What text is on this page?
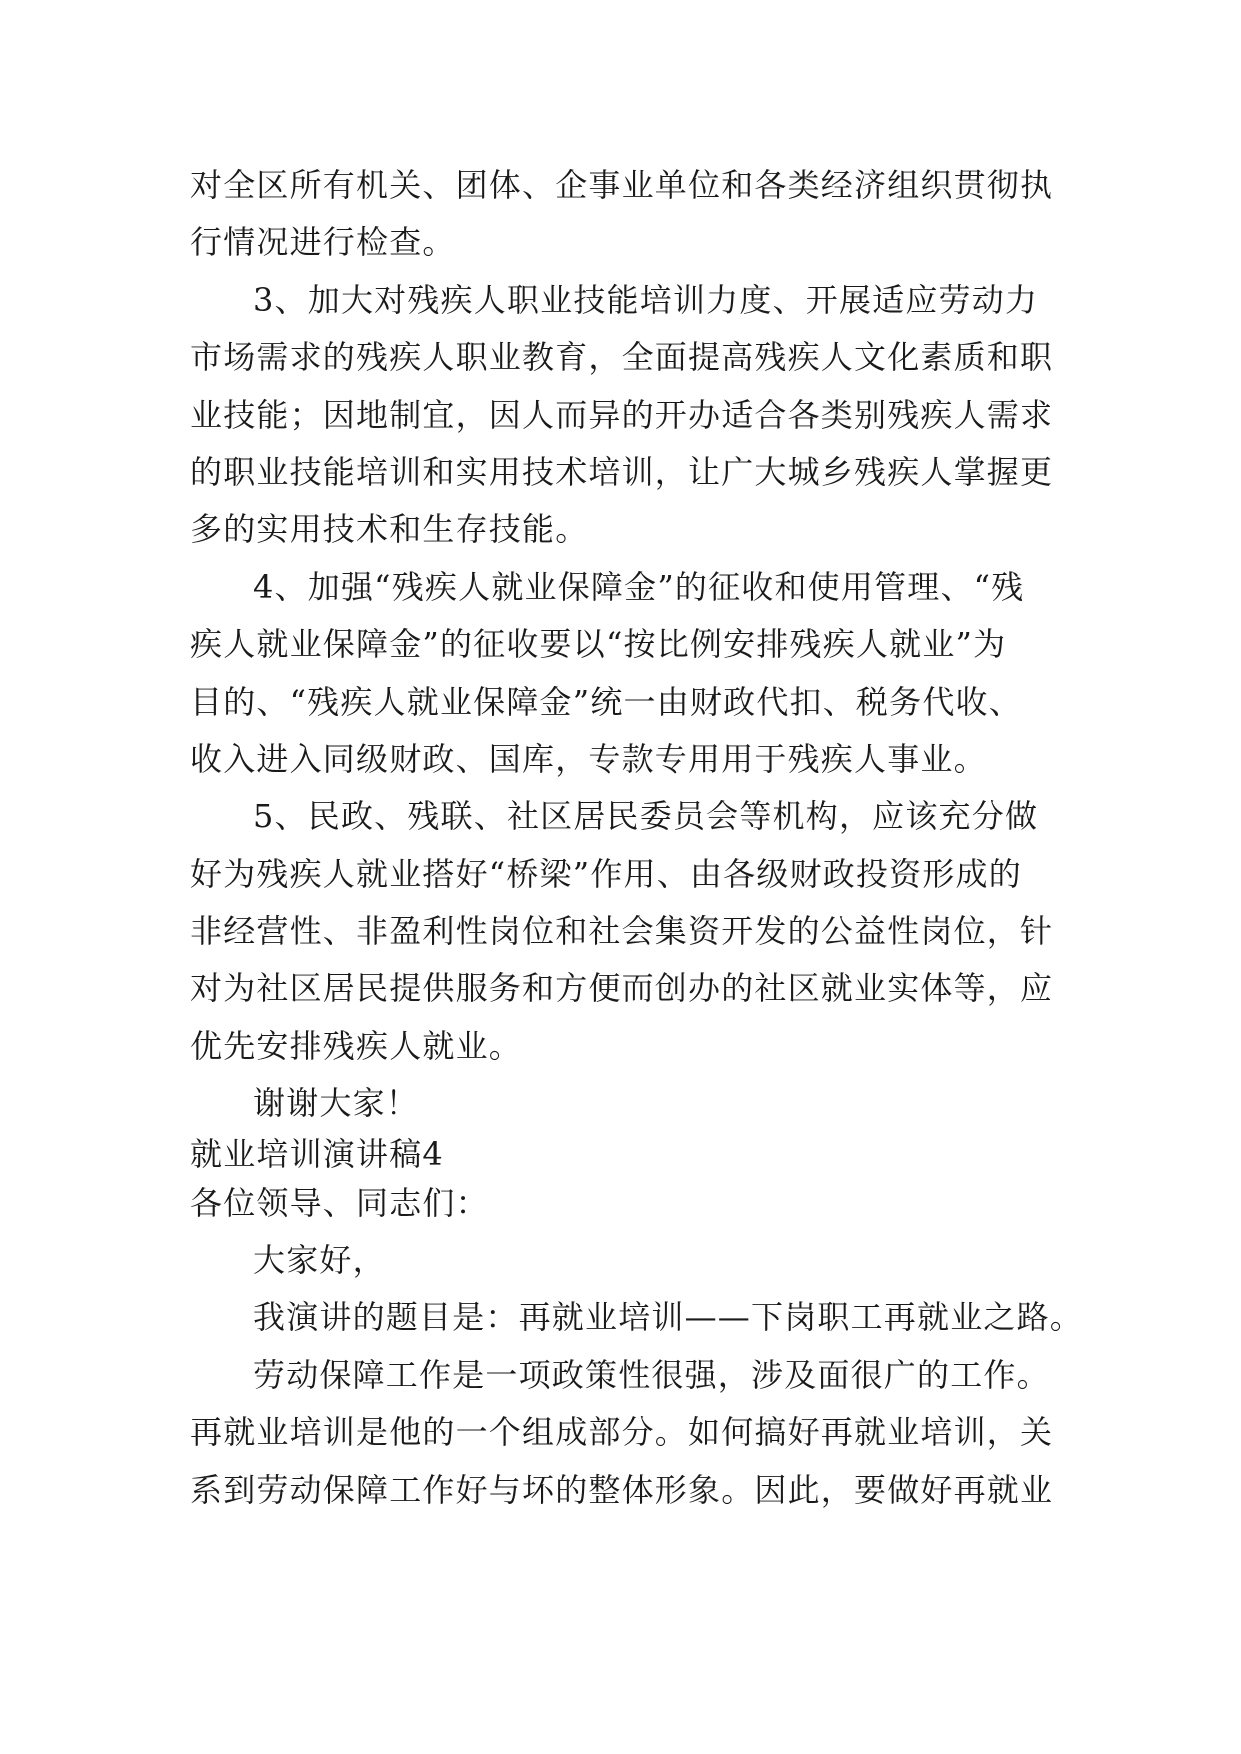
对全区所有机关、团体、企事业单位和各类经济组织贯彻执
行情况进行检查。
3、加大对残疾人职业技能培训力度、开展适应劳动力
市场需求的残疾人职业教育，全面提高残疾人文化素质和职
业技能；因地制宜，因人而异的开办适合各类别残疾人需求
的职业技能培训和实用技术培训，让广大城乡残疾人掌握更
多的实用技术和生存技能。
4、加强“残疾人就业保障金”的征收和使用管理、“残
疾人就业保障金”的征收要以“按比例安排残疾人就业”为
目的、“残疾人就业保障金”统一由财政代扣、税务代收、
收入进入同级财政、国库，专款专用用于残疾人事业。
5、民政、残联、社区居民委员会等机构，应该充分做
好为残疾人就业搭好“桥梁”作用、由各级财政投资形成的
非经营性、非盈利性岗位和社会集资开发的公益性岗位，针
对为社区居民提供服务和方便而创办的社区就业实体等，应
优先安排残疾人就业。
谢谢大家！
就业培训演讲稿4
各位领导、同志们：
大家好，
我演讲的题目是：再就业培训——下岗职工再就业之路。
劳动保障工作是一项政策性很强，涉及面很广的工作。
再就业培训是他的一个组成部分。如何搞好再就业培训，关
系到劳动保障工作好与坏的整体形象。因此，要做好再就业
